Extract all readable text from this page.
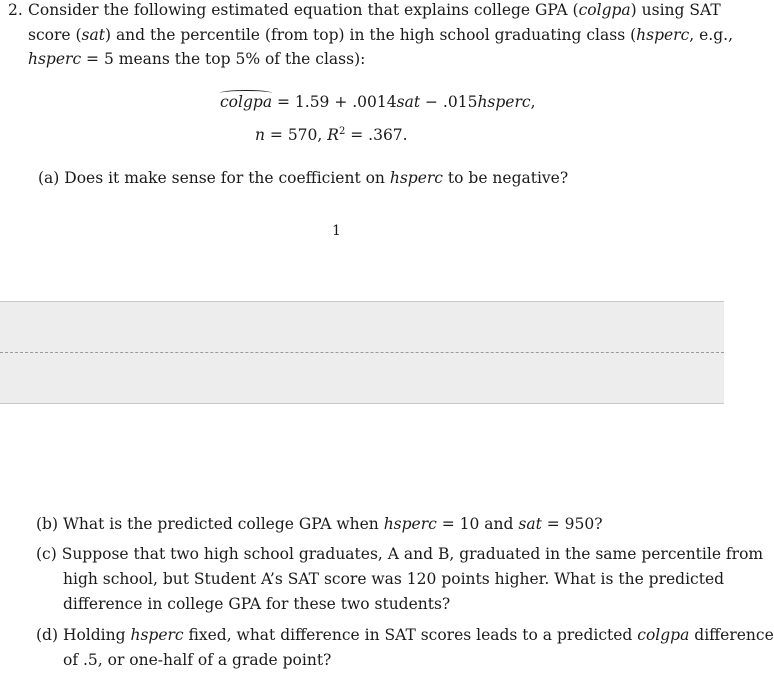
2. Consider the following estimated equation that explains college GPA (colgpa) using SAT
score (sat) and the percentile (from top) in the high school graduating class (hsperc, e.g.,
hsperc = 5 means the top 5% of the class):
colgpa = 1.59 + .0014sat − .015hsperc,
n = 570, $R^2 = .367$.
(a) Does it make sense for the coefficient on hsperc to be negative?
1
(b) What is the predicted college GPA when hsperc = 10 and sat = 950?
(c) Suppose that two high school graduates, A and B, graduated in the same percentile from
high school, but Student A’s SAT score was 120 points higher. What is the predicted
difference in college GPA for these two students?
(d) Holding hsperc fixed, what difference in SAT scores leads to a predicted colgpa difference
of .5, or one-half of a grade point?
